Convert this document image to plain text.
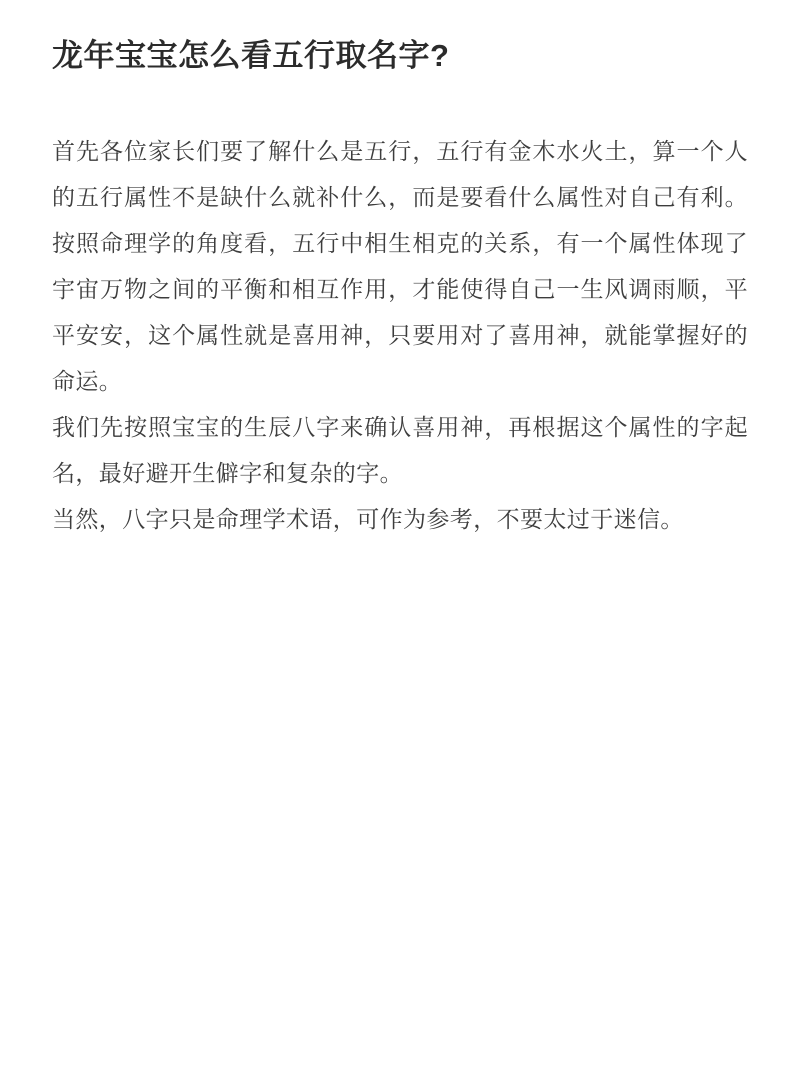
龙年宝宝怎么看五行取名字?

首先各位家长们要了解什么是五行，五行有金木水火土，算一个人的五行属性不是缺什么就补什么，而是要看什么属性对自己有利。按照命理学的角度看，五行中相生相克的关系，有一个属性体现了宇宙万物之间的平衡和相互作用，才能使得自己一生风调雨顺，平平安安，这个属性就是喜用神，只要用对了喜用神，就能掌握好的命运。

我们先按照宝宝的生辰八字来确认喜用神，再根据这个属性的字起名，最好避开生僻字和复杂的字。

当然，八字只是命理学术语，可作为参考，不要太过于迷信。
